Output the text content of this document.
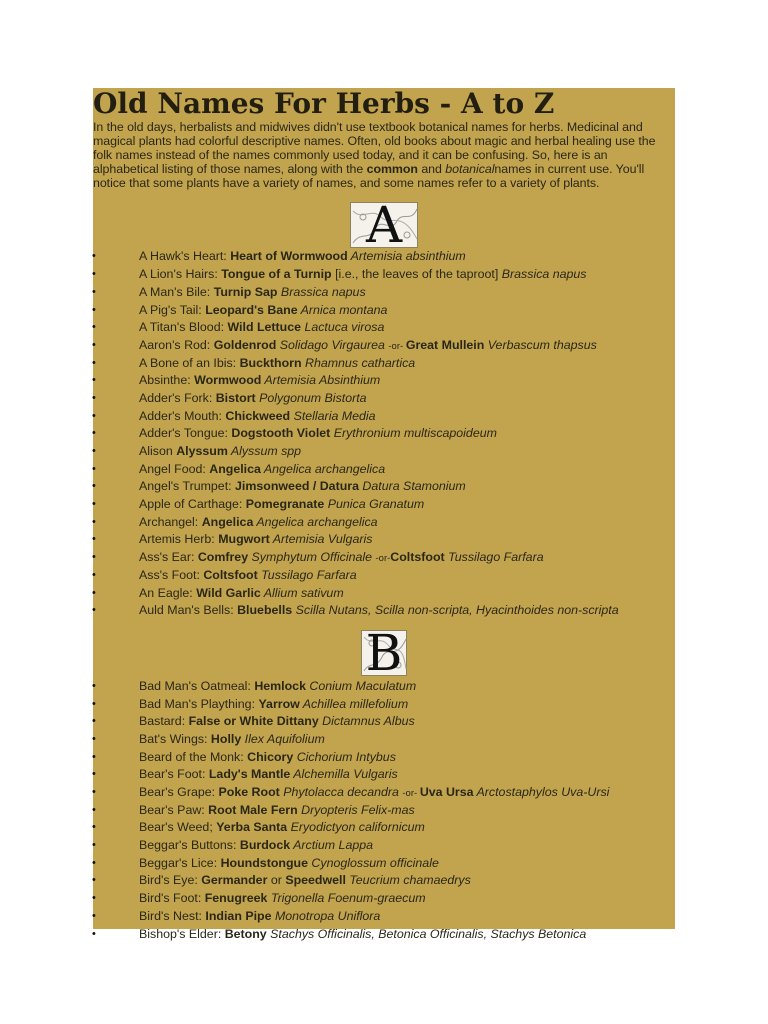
Old Names For Herbs - A to Z

In the old days, herbalists and midwives didn't use textbook botanical names for herbs. Medicinal and magical plants had colorful descriptive names. Often, old books about magic and herbal healing use the folk names instead of the names commonly used today, and it can be confusing. So, here is an alphabetical listing of those names, along with the common and botanicalnames in current use. You'll notice that some plants have a variety of names, and some names refer to a variety of plants.

A
• A Hawk's Heart: Heart of Wormwood Artemisia absinthium
• A Lion's Hairs: Tongue of a Turnip [i.e., the leaves of the taproot] Brassica napus
• A Man's Bile: Turnip Sap Brassica napus
• A Pig's Tail: Leopard's Bane Arnica montana
• A Titan's Blood: Wild Lettuce Lactuca virosa
• Aaron's Rod: Goldenrod Solidago Virgaurea -or- Great Mullein Verbascum thapsus
• A Bone of an Ibis: Buckthorn Rhamnus cathartica
• Absinthe: Wormwood Artemisia Absinthium
• Adder's Fork: Bistort Polygonum Bistorta
• Adder's Mouth: Chickweed Stellaria Media
• Adder's Tongue: Dogstooth Violet Erythronium multiscapoideum
• Alison Alyssum Alyssum spp
• Angel Food: Angelica Angelica archangelica
• Angel's Trumpet: Jimsonweed / Datura Datura Stamonium
• Apple of Carthage: Pomegranate Punica Granatum
• Archangel: Angelica Angelica archangelica
• Artemis Herb: Mugwort Artemisia Vulgaris
• Ass's Ear: Comfrey Symphytum Officinale -or-Coltsfoot Tussilago Farfara
• Ass's Foot: Coltsfoot Tussilago Farfara
• An Eagle: Wild Garlic Allium sativum
• Auld Man's Bells: Bluebells Scilla Nutans, Scilla non-scripta, Hyacinthoides non-scripta
B
• Bad Man's Oatmeal: Hemlock Conium Maculatum
• Bad Man's Plaything: Yarrow Achillea millefolium
• Bastard: False or White Dittany Dictamnus Albus
• Bat's Wings: Holly Ilex Aquifolium
• Beard of the Monk: Chicory Cichorium Intybus
• Bear's Foot: Lady's Mantle Alchemilla Vulgaris
• Bear's Grape: Poke Root Phytolacca decandra -or- Uva Ursa Arctostaphylos Uva-Ursi
• Bear's Paw: Root Male Fern Dryopteris Felix-mas
• Bear's Weed; Yerba Santa Eryodictyon californicum
• Beggar's Buttons: Burdock Arctium Lappa
• Beggar's Lice: Houndstongue Cynoglossum officinale
• Bird's Eye: Germander or Speedwell Teucrium chamaedrys
• Bird's Foot: Fenugreek Trigonella Foenum-graecum
• Bird's Nest: Indian Pipe Monotropa Uniflora
• Bishop's Elder: Betony Stachys Officinalis, Betonica Officinalis, Stachys Betonica
